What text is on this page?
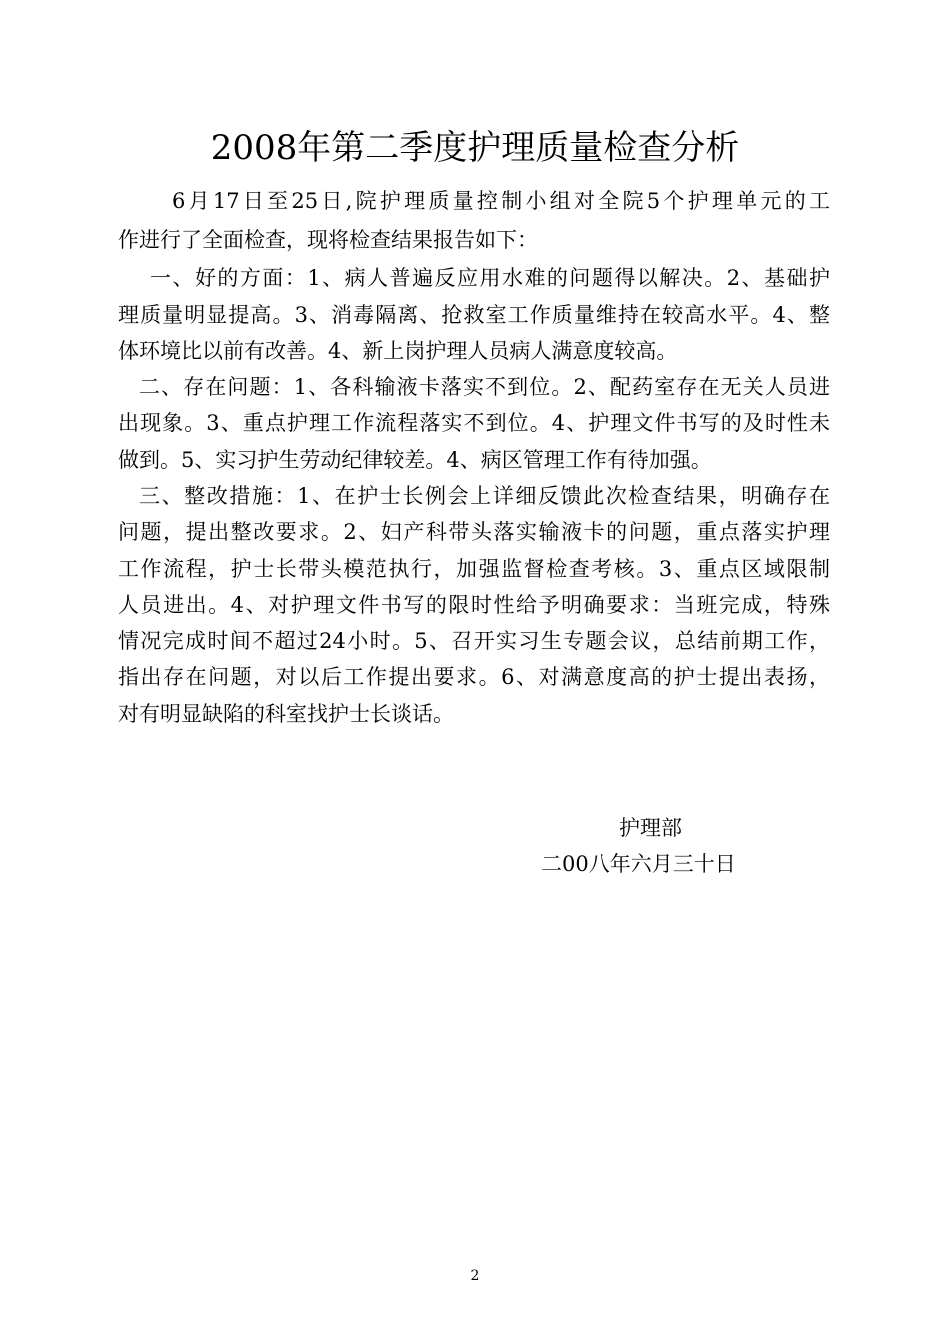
2008年第二季度护理质量检查分析
6月17日至25日,院护理质量控制小组对全院5个护理单元的工
作进行了全面检查，现将检查结果报告如下：
一、好的方面：1、病人普遍反应用水难的问题得以解决。2、基础护
理质量明显提高。3、消毒隔离、抢救室工作质量维持在较高水平。4、整
体环境比以前有改善。4、新上岗护理人员病人满意度较高。
二、存在问题：1、各科输液卡落实不到位。2、配药室存在无关人员进
出现象。3、重点护理工作流程落实不到位。4、护理文件书写的及时性未
做到。5、实习护生劳动纪律较差。4、病区管理工作有待加强。
三、整改措施：1、在护士长例会上详细反馈此次检查结果，明确存在
问题，提出整改要求。2、妇产科带头落实输液卡的问题，重点落实护理
工作流程，护士长带头模范执行，加强监督检查考核。3、重点区域限制
人员进出。4、对护理文件书写的限时性给予明确要求：当班完成，特殊
情况完成时间不超过24小时。5、召开实习生专题会议，总结前期工作，
指出存在问题，对以后工作提出要求。6、对满意度高的护士提出表扬，
对有明显缺陷的科室找护士长谈话。
护理部
二00八年六月三十日
2
